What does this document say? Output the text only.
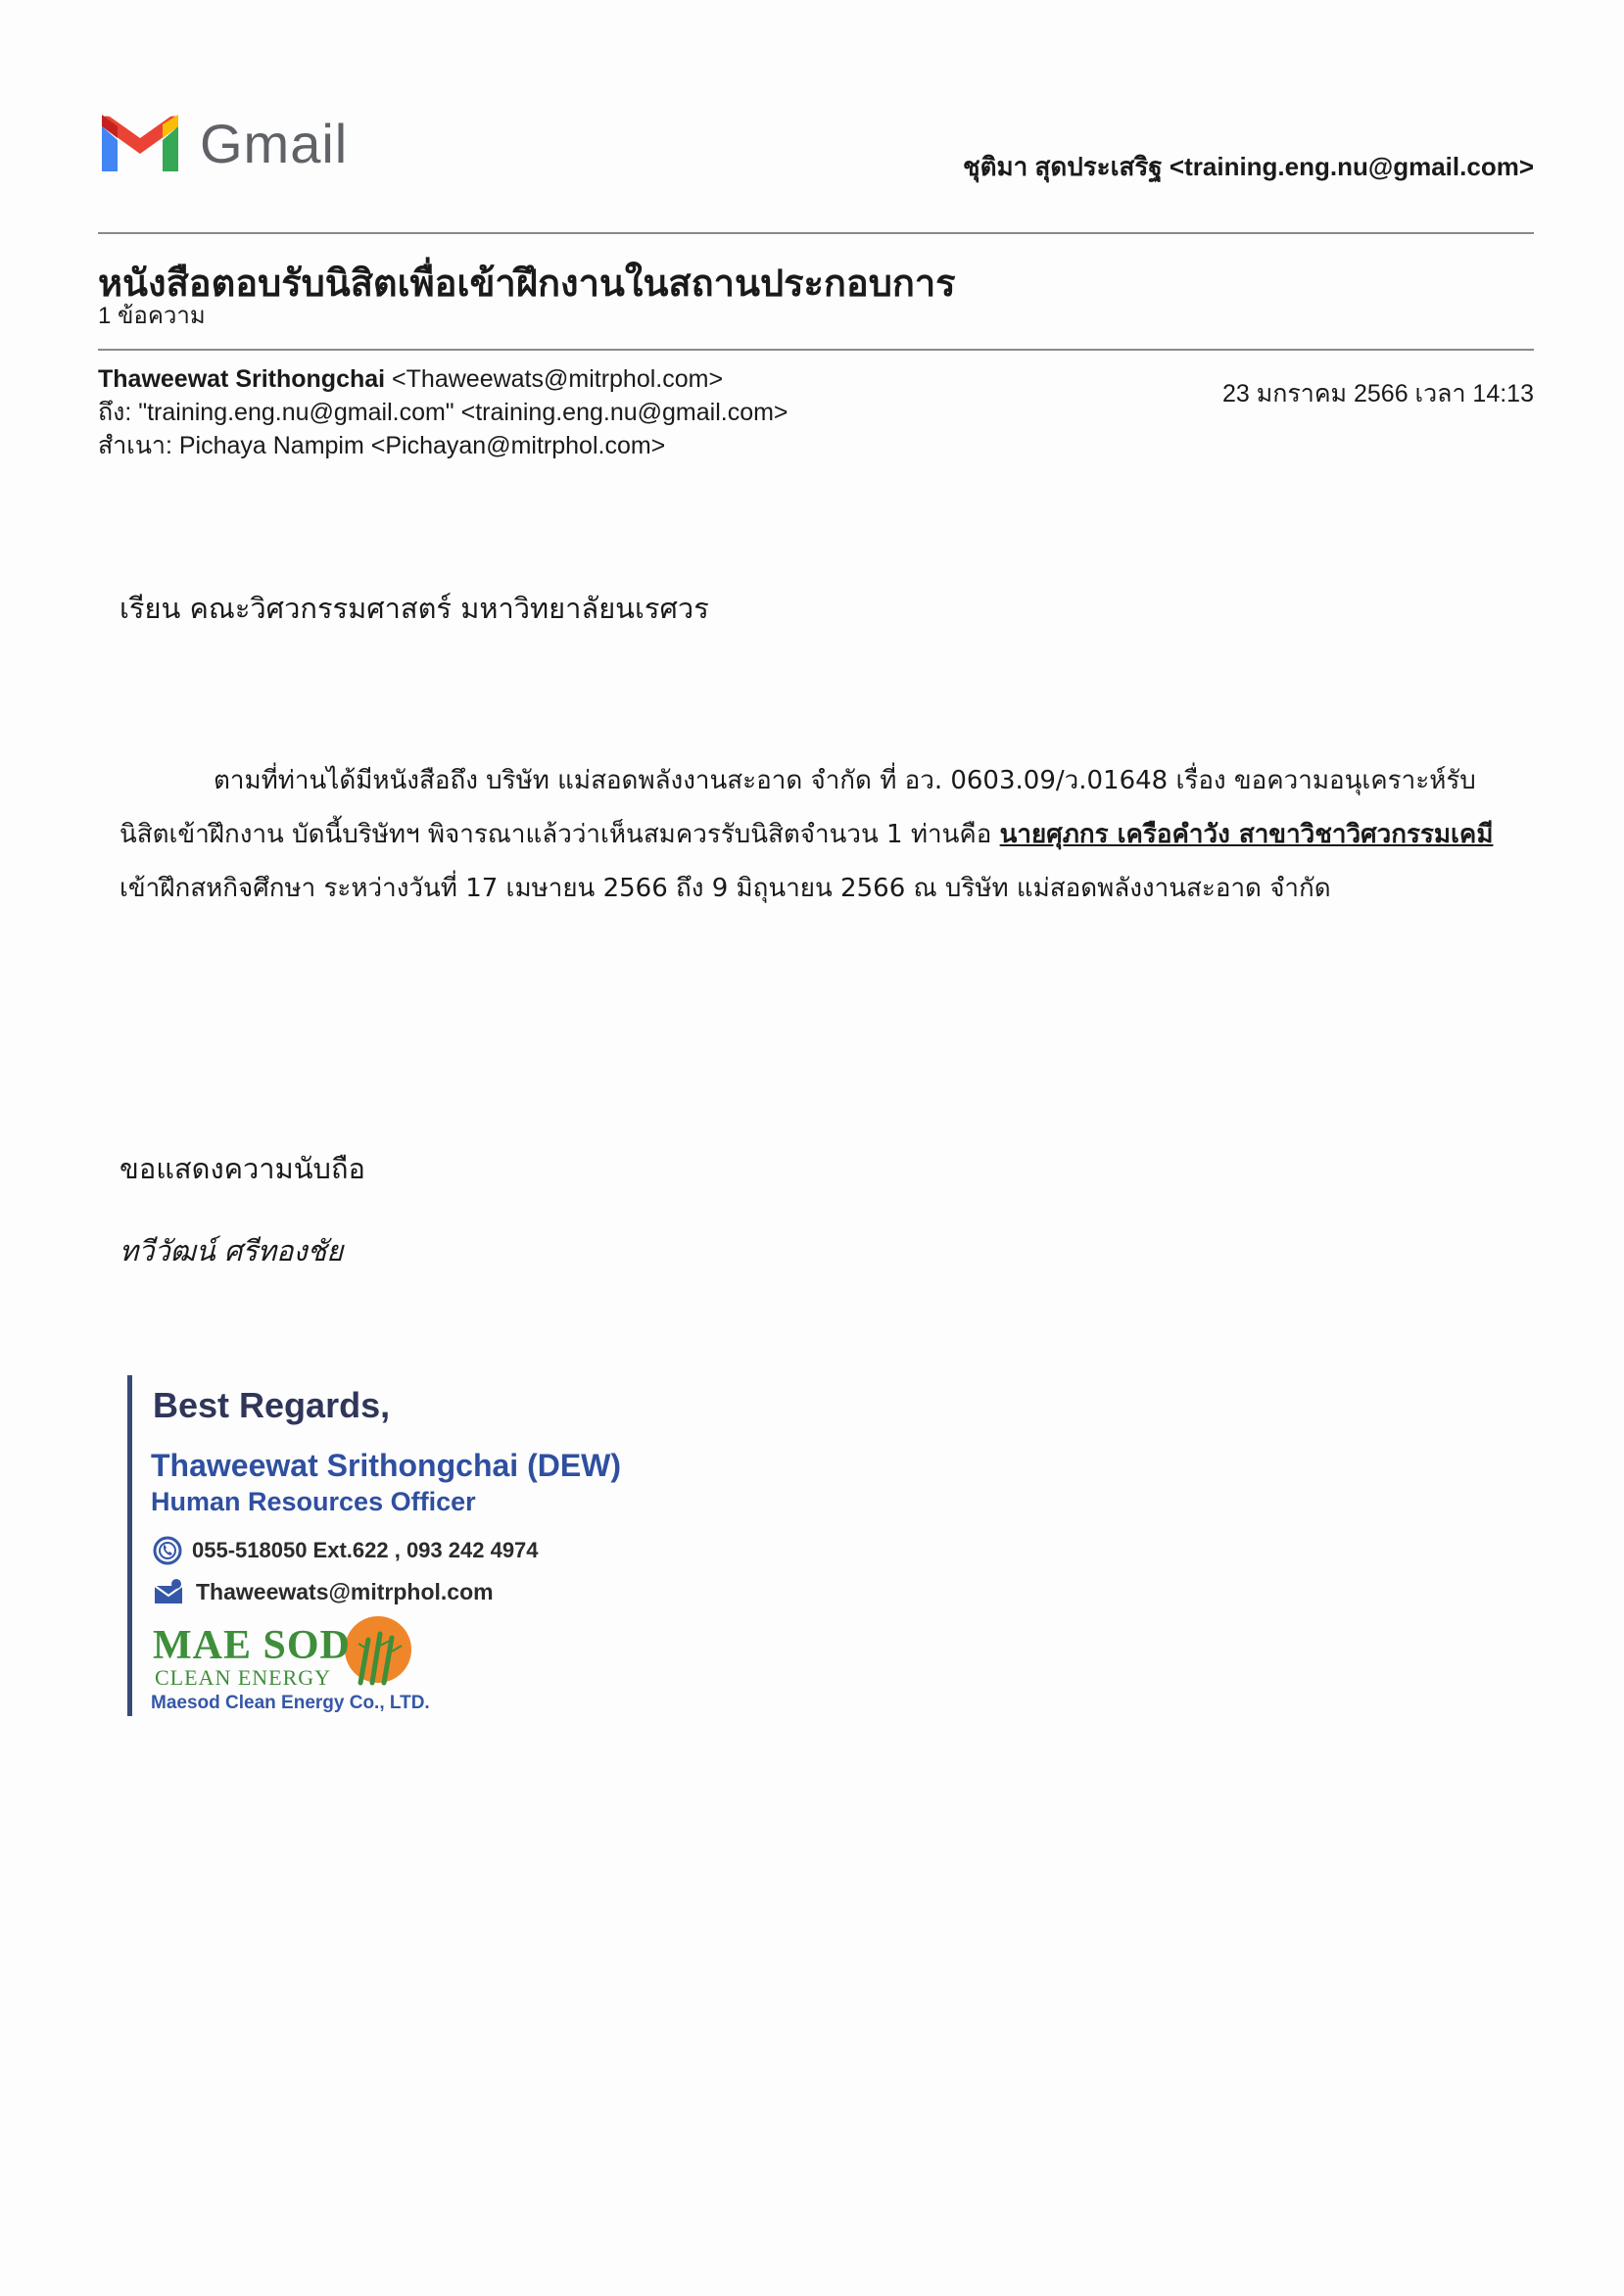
Gmail	ชุติมา สุดประเสริฐ <training.eng.nu@gmail.com>
หนังสือตอบรับนิสิตเพื่อเข้าฝึกงานในสถานประกอบการ
1 ข้อความ
Thaweewat Srithongchai <Thaweewats@mitrphol.com>
ถึง: "training.eng.nu@gmail.com" <training.eng.nu@gmail.com>
สำเนา: Pichaya Nampim <Pichayan@mitrphol.com>
23 มกราคม 2566 เวลา 14:13
เรียน คณะวิศวกรรมศาสตร์ มหาวิทยาลัยนเรศวร
ตามที่ท่านได้มีหนังสือถึง บริษัท แม่สอดพลังงานสะอาด จำกัด ที่ อว. 0603.09/ว.01648 เรื่อง ขอความอนุเคราะห์รับนิสิตเข้าฝึกงาน บัดนี้บริษัทฯ พิจารณาแล้วว่าเห็นสมควรรับนิสิตจำนวน 1 ท่านคือ นายศุภกร เครือคำวัง สาขาวิชาวิศวกรรมเคมี เข้าฝึกสหกิจศึกษา ระหว่างวันที่ 17 เมษายน 2566 ถึง 9 มิถุนายน 2566 ณ บริษัท แม่สอดพลังงานสะอาด จำกัด
ขอแสดงความนับถือ
ทวีวัฒน์ ศรีทองชัย
Best Regards,
Thaweewat Srithongchai (DEW)
Human Resources Officer
055-518050 Ext.622 , 093 242 4974
Thaweewats@mitrphol.com
MAE SOD
CLEAN ENERGY
Maesod Clean Energy Co., LTD.
